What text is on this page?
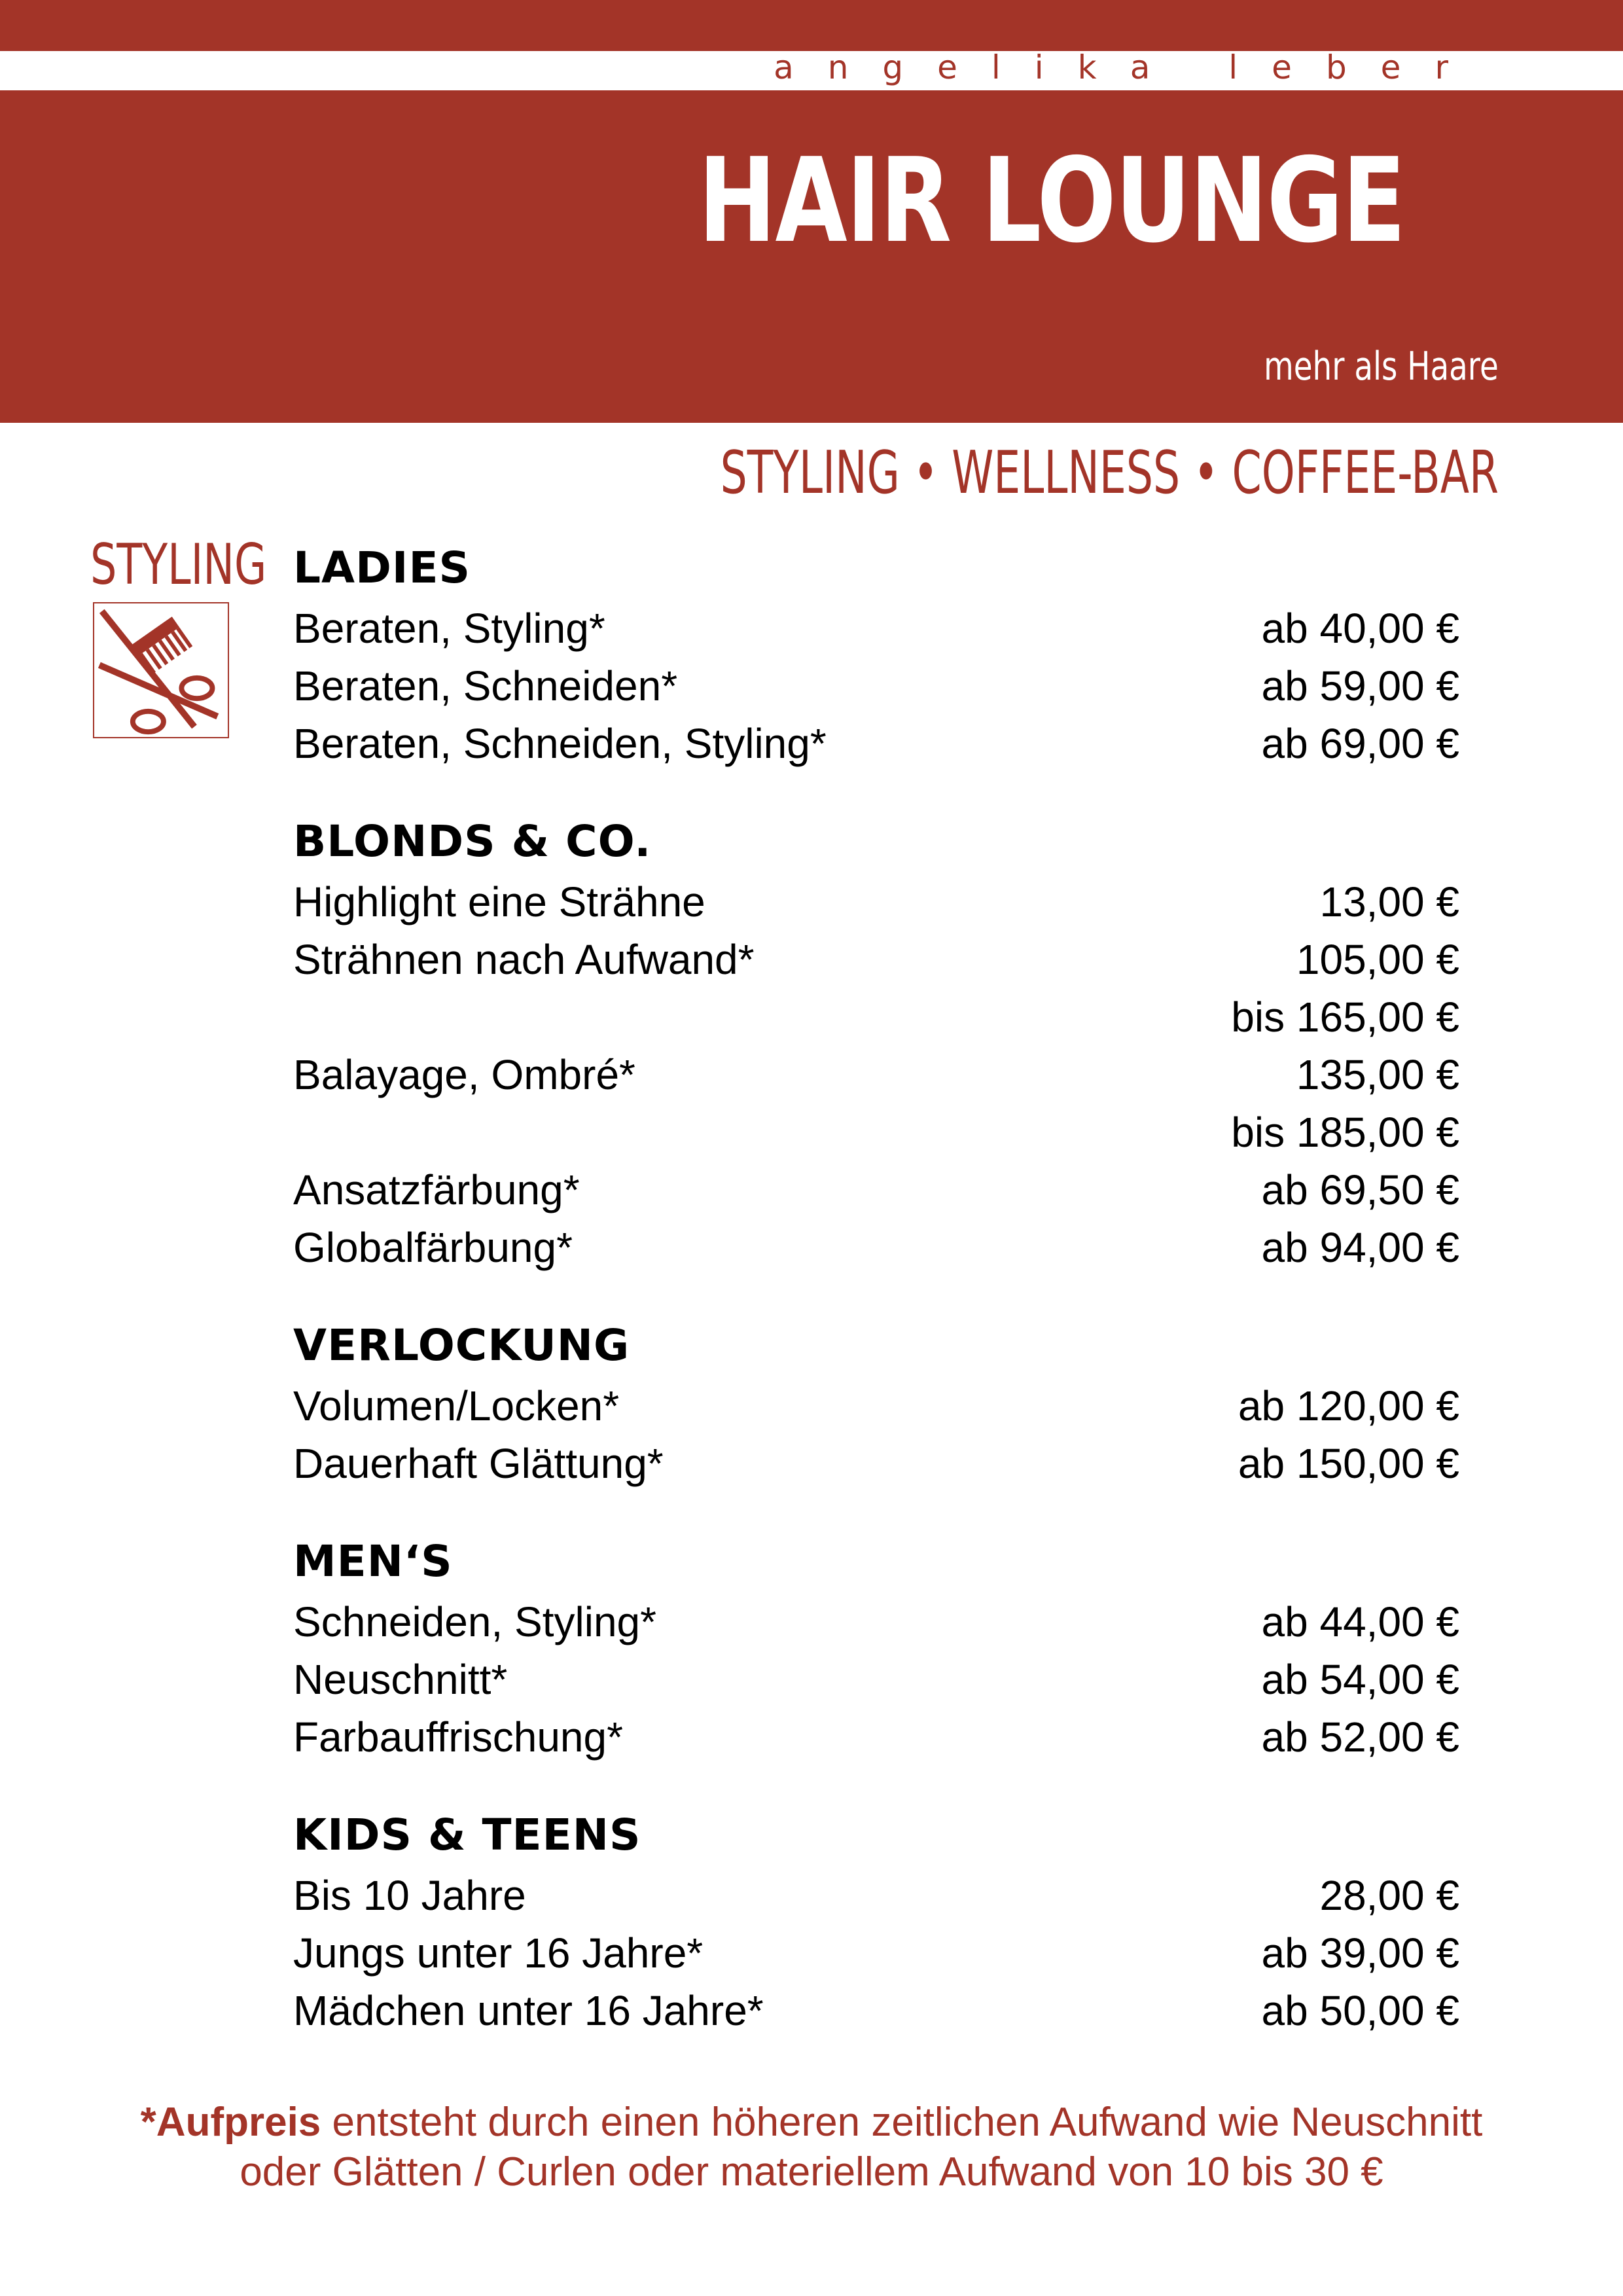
angelika leber
HAIR LOUNGE
mehr als Haare
STYLING • WELLNESS • COFFEE-BAR
STYLING LADIES
Beraten, Styling*	ab 40,00 €
Beraten, Schneiden*	ab 59,00 €
Beraten, Schneiden, Styling*	ab 69,00 €
BLONDS & CO.
Highlight eine Strähne	13,00 €
Strähnen nach Aufwand*	105,00 €
bis 165,00 €
Balayage, Ombré*	135,00 €
bis 185,00 €
Ansatzfärbung*	ab 69,50 €
Globalfärbung*	ab 94,00 €
VERLOCKUNG
Volumen/Locken*	ab 120,00 €
Dauerhaft Glättung*	ab 150,00 €
MEN‘S
Schneiden, Styling*	ab 44,00 €
Neuschnitt*	ab 54,00 €
Farbauffrischung*	ab 52,00 €
KIDS & TEENS
Bis 10 Jahre	28,00 €
Jungs unter 16 Jahre*	ab 39,00 €
Mädchen unter 16 Jahre*	ab 50,00 €
*Aufpreis entsteht durch einen höheren zeitlichen Aufwand wie Neuschnitt
oder Glätten / Curlen oder materiellem Aufwand von 10 bis 30 €
